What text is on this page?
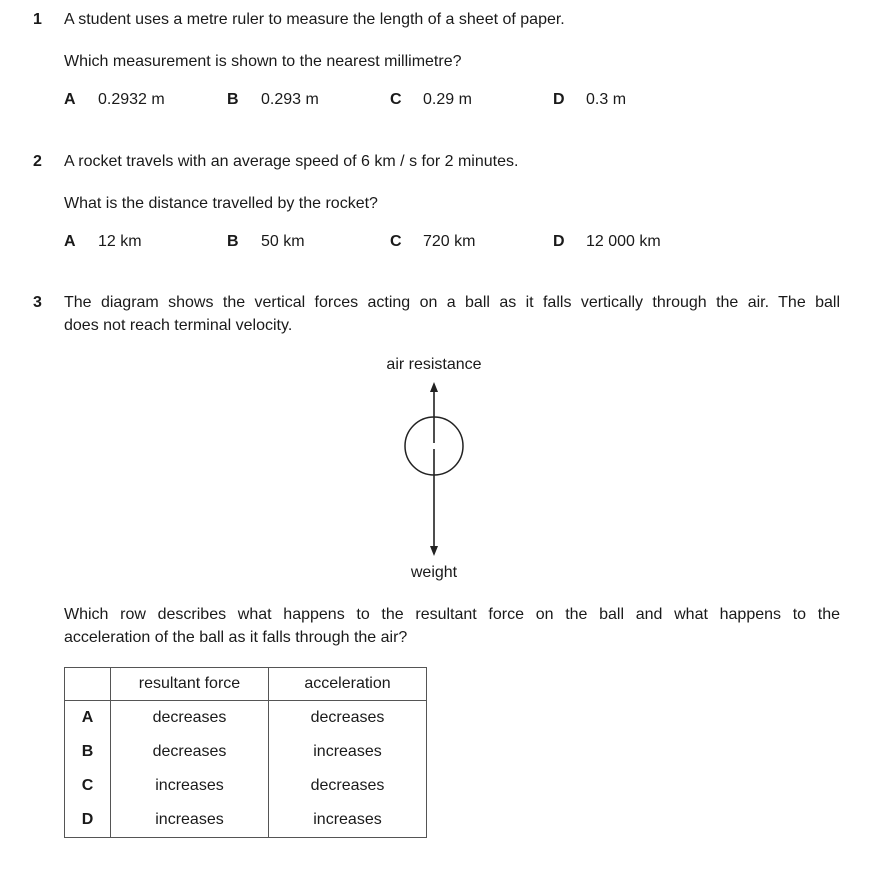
1 A student uses a metre ruler to measure the length of a sheet of paper.
Which measurement is shown to the nearest millimetre?
A 0.2932 m	B 0.293 m	C 0.29 m	D 0.3 m
2 A rocket travels with an average speed of 6 km / s for 2 minutes.
What is the distance travelled by the rocket?
A 12 km	B 50 km	C 720 km	D 12 000 km
3 The diagram shows the vertical forces acting on a ball as it falls vertically through the air. The ball
does not reach terminal velocity.
air resistance
weight
Which row describes what happens to the resultant force on the ball and what happens to the
acceleration of the ball as it falls through the air?
	resultant force	acceleration
A	decreases	decreases
B	decreases	increases
C	increases	decreases
D	increases	increases
